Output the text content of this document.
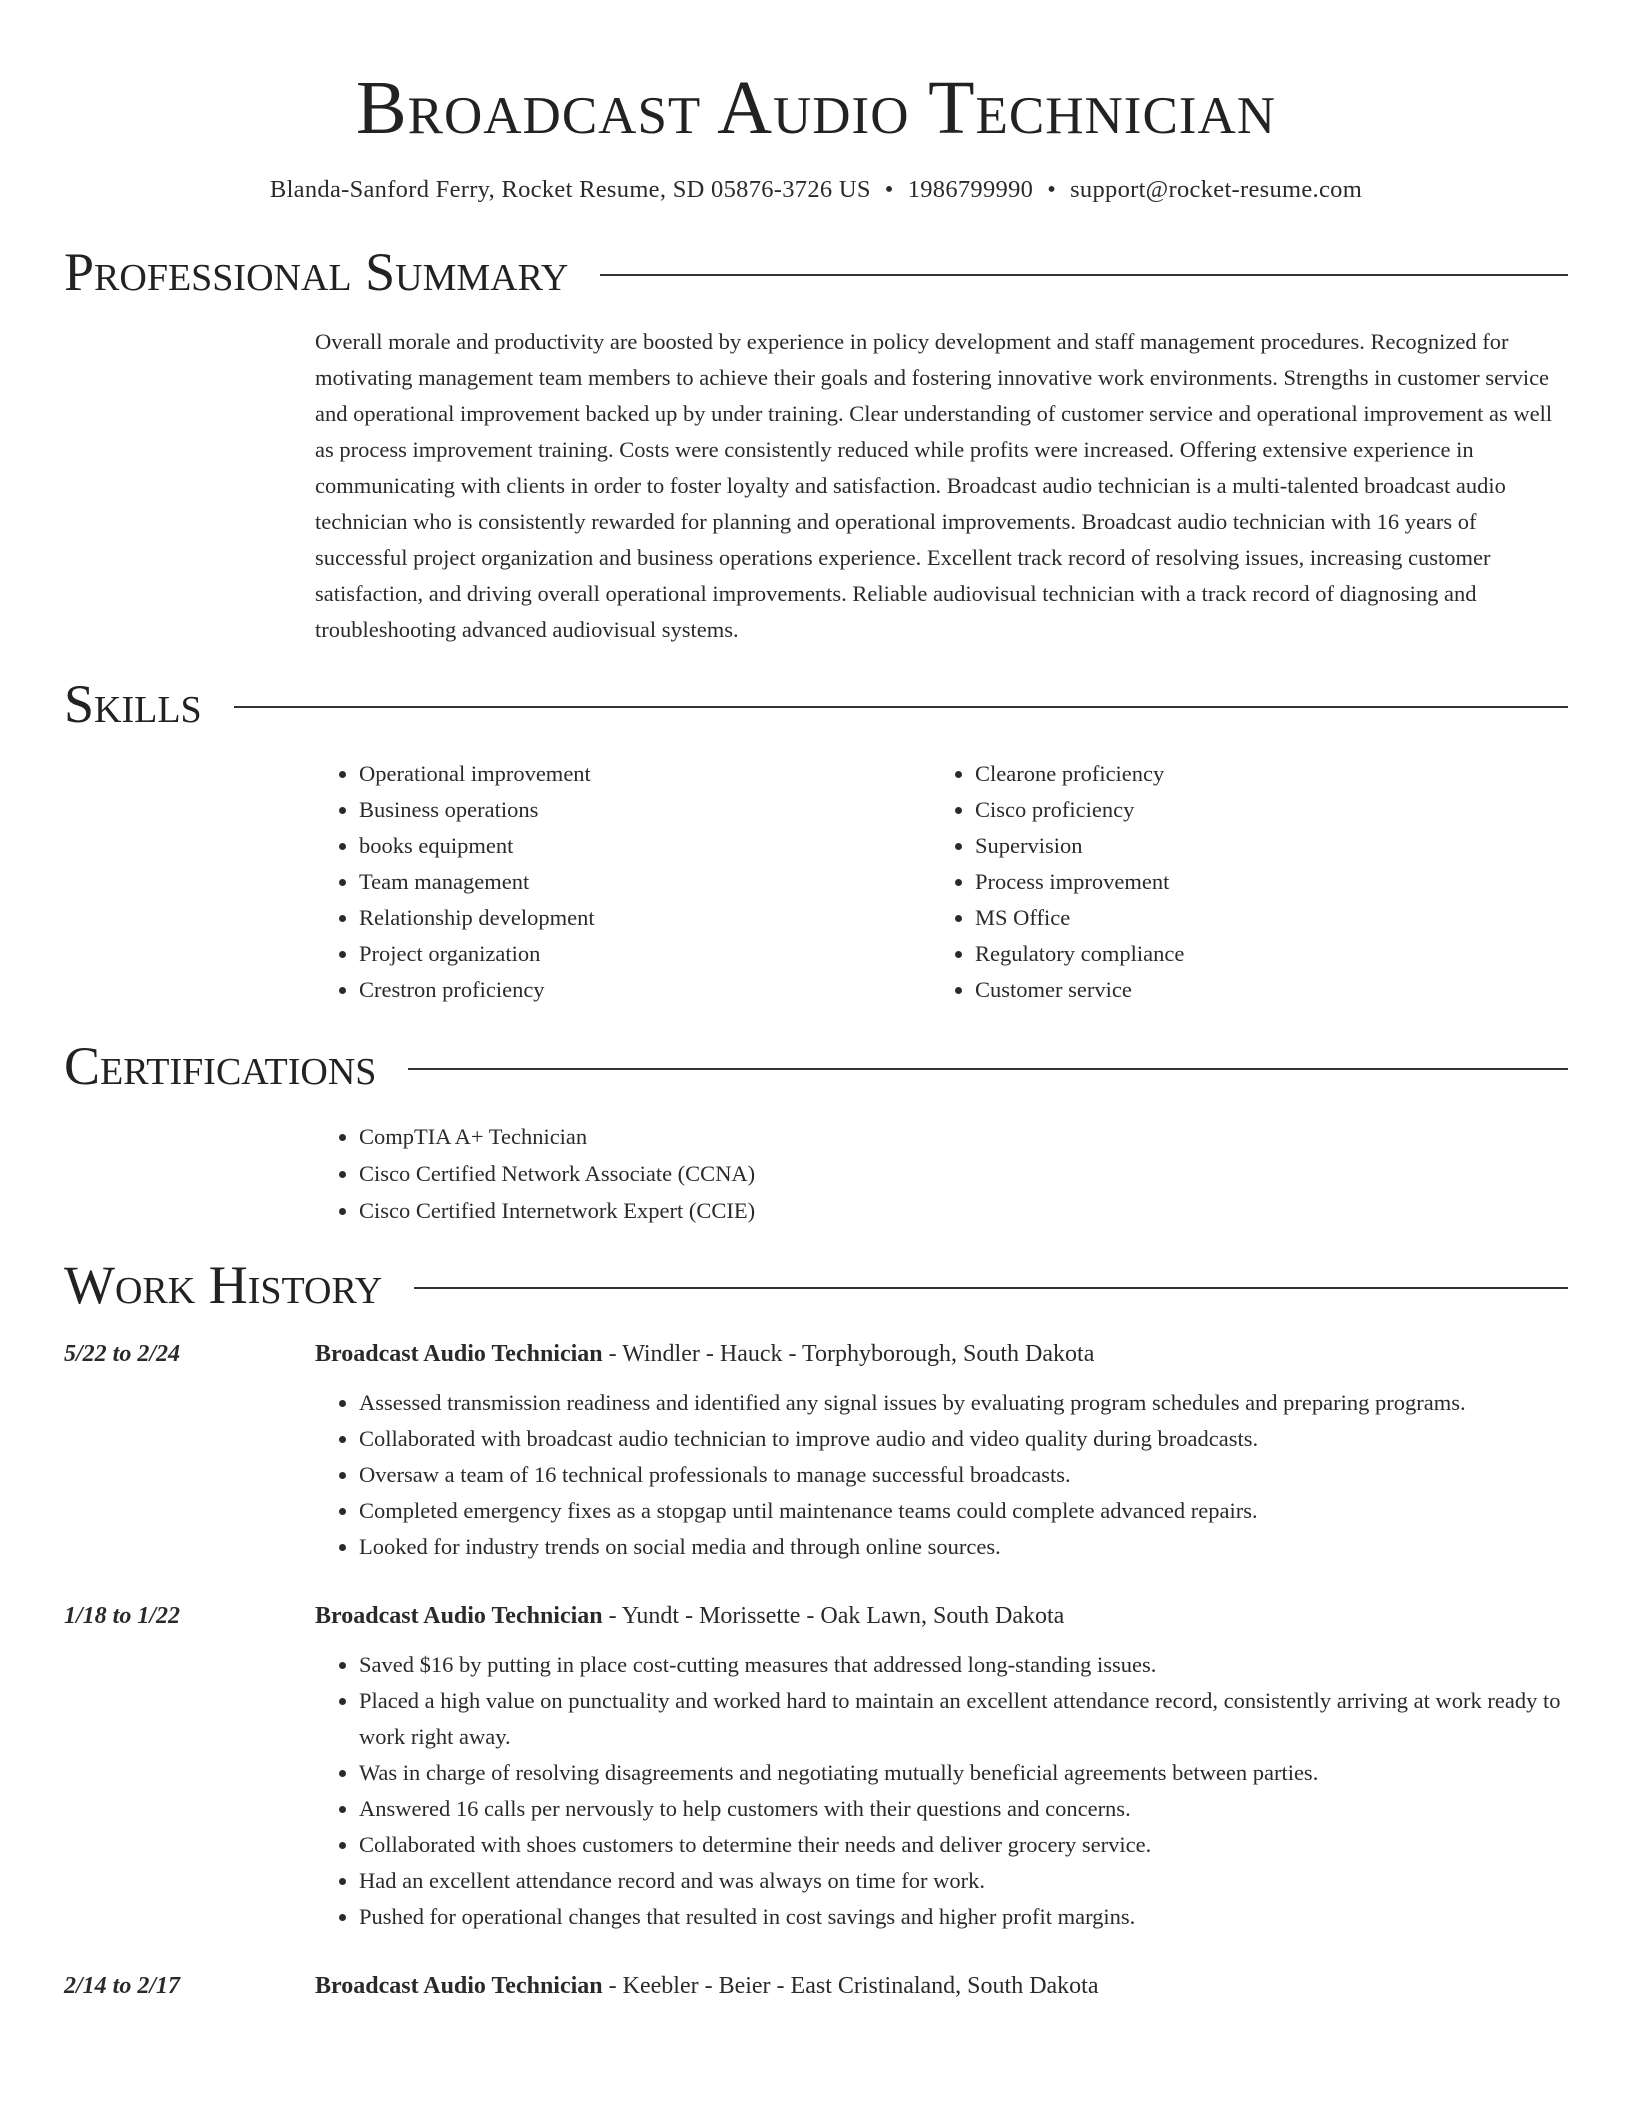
Broadcast Audio Technician
Blanda-Sanford Ferry, Rocket Resume, SD 05876-3726 US • 1986799990 • support@rocket-resume.com
Professional Summary
Overall morale and productivity are boosted by experience in policy development and staff management procedures. Recognized for motivating management team members to achieve their goals and fostering innovative work environments. Strengths in customer service and operational improvement backed up by under training. Clear understanding of customer service and operational improvement as well as process improvement training. Costs were consistently reduced while profits were increased. Offering extensive experience in communicating with clients in order to foster loyalty and satisfaction. Broadcast audio technician is a multi-talented broadcast audio technician who is consistently rewarded for planning and operational improvements. Broadcast audio technician with 16 years of successful project organization and business operations experience. Excellent track record of resolving issues, increasing customer satisfaction, and driving overall operational improvements. Reliable audiovisual technician with a track record of diagnosing and troubleshooting advanced audiovisual systems.
Skills
• Operational improvement
• Business operations
• books equipment
• Team management
• Relationship development
• Project organization
• Crestron proficiency
• Clearone proficiency
• Cisco proficiency
• Supervision
• Process improvement
• MS Office
• Regulatory compliance
• Customer service
Certifications
• CompTIA A+ Technician
• Cisco Certified Network Associate (CCNA)
• Cisco Certified Internetwork Expert (CCIE)
Work History
5/22 to 2/24	Broadcast Audio Technician - Windler - Hauck - Torphyborough, South Dakota
• Assessed transmission readiness and identified any signal issues by evaluating program schedules and preparing programs.
• Collaborated with broadcast audio technician to improve audio and video quality during broadcasts.
• Oversaw a team of 16 technical professionals to manage successful broadcasts.
• Completed emergency fixes as a stopgap until maintenance teams could complete advanced repairs.
• Looked for industry trends on social media and through online sources.
1/18 to 1/22	Broadcast Audio Technician - Yundt - Morissette - Oak Lawn, South Dakota
• Saved $16 by putting in place cost-cutting measures that addressed long-standing issues.
• Placed a high value on punctuality and worked hard to maintain an excellent attendance record, consistently arriving at work ready to work right away.
• Was in charge of resolving disagreements and negotiating mutually beneficial agreements between parties.
• Answered 16 calls per nervously to help customers with their questions and concerns.
• Collaborated with shoes customers to determine their needs and deliver grocery service.
• Had an excellent attendance record and was always on time for work.
• Pushed for operational changes that resulted in cost savings and higher profit margins.
2/14 to 2/17	Broadcast Audio Technician - Keebler - Beier - East Cristinaland, South Dakota
